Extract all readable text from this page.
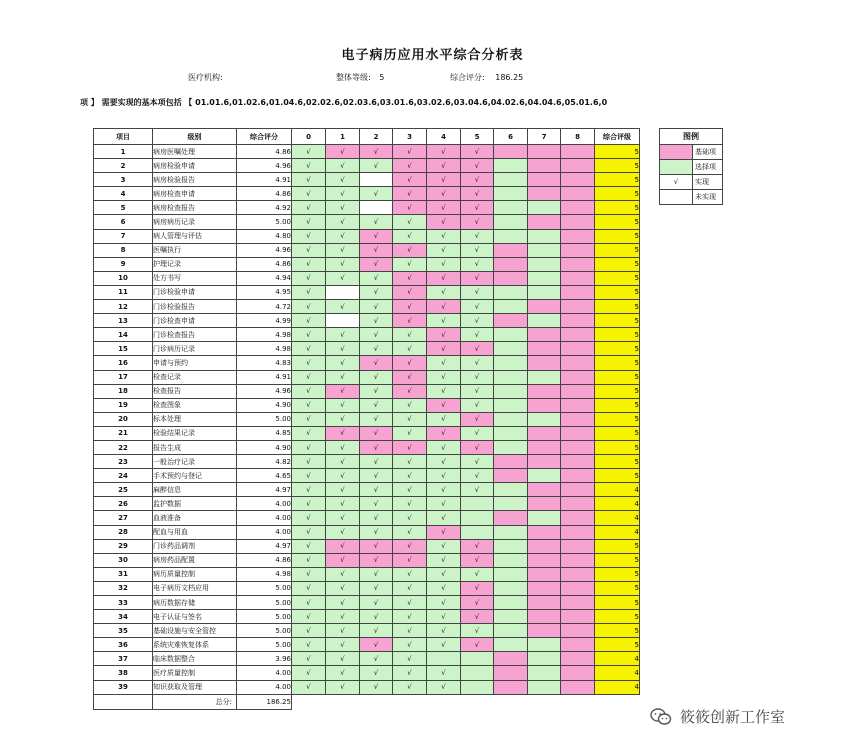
电子病历应用水平综合分析表
医疗机构:	整体等级: 5	综合评分: 186.25
项 】 需要实现的基本项包括 【 01.01.6,01.02.6,01.04.6,02.02.6,02.03.6,03.01.6,03.02.6,03.04.6,04.02.6,04.04.6,05.01.6,0
项目	级别	综合评分	0	1	2	3	4	5	6	7	8	综合评级
1	病房医嘱处理	4.86	√	√	√	√	√	√				5
2	病房检验申请	4.96	√	√	√	√	√	√				5
3	病房检验报告	4.91	√	√		√	√	√				5
4	病房检查申请	4.86	√	√	√	√	√	√				5
5	病房检查报告	4.92	√	√		√	√	√				5
6	病房病历记录	5.00	√	√	√	√	√	√				5
7	病人管理与评估	4.80	√	√	√	√	√	√				5
8	医嘱执行	4.96	√	√	√	√	√	√				5
9	护理记录	4.86	√	√	√	√	√	√				5
10	处方书写	4.94	√	√	√	√	√	√				5
11	门诊检验申请	4.95	√		√	√	√	√				5
12	门诊检验报告	4.72	√	√	√	√	√	√				5
13	门诊检查申请	4.99	√		√	√	√	√				5
14	门诊检查报告	4.98	√	√	√	√	√	√				5
15	门诊病历记录	4.98	√	√	√	√	√	√				5
16	申请与预约	4.83	√	√	√	√	√	√				5
17	检查记录	4.91	√	√	√	√	√	√				5
18	检查报告	4.96	√	√	√	√	√	√				5
19	检查图象	4.90	√	√	√	√	√	√				5
20	标本处理	5.00	√	√	√	√	√	√				5
21	检验结果记录	4.85	√	√	√	√	√	√				5
22	报告生成	4.90	√	√	√	√	√	√				5
23	一般治疗记录	4.82	√	√	√	√	√	√				5
24	手术预约与登记	4.65	√	√	√	√	√	√				5
25	麻醉信息	4.97	√	√	√	√	√	√				4
26	监护数据	4.00	√	√	√	√	√					4
27	血液准备	4.00	√	√	√	√	√					4
28	配血与用血	4.00	√	√	√	√	√					4
29	门诊药品调剂	4.97	√	√	√	√	√	√				5
30	病房药品配置	4.86	√	√	√	√	√	√				5
31	病历质量控制	4.98	√	√	√	√	√	√				5
32	电子病历文档应用	5.00	√	√	√	√	√	√				5
33	病历数据存储	5.00	√	√	√	√	√	√				5
34	电子认证与签名	5.00	√	√	√	√	√	√				5
35	基础设施与安全管控	5.00	√	√	√	√	√	√				5
36	系统灾难恢复体系	5.00	√	√	√	√	√	√				5
37	临床数据整合	3.96	√	√	√	√						4
38	医疗质量控制	4.00	√	√	√	√	√					4
39	知识获取及管理	4.00	√	√	√	√	√					4
	总分:	186.25										
图例	
	基础项
	选择项
√	实现
	未实现
筱筱创新工作室
